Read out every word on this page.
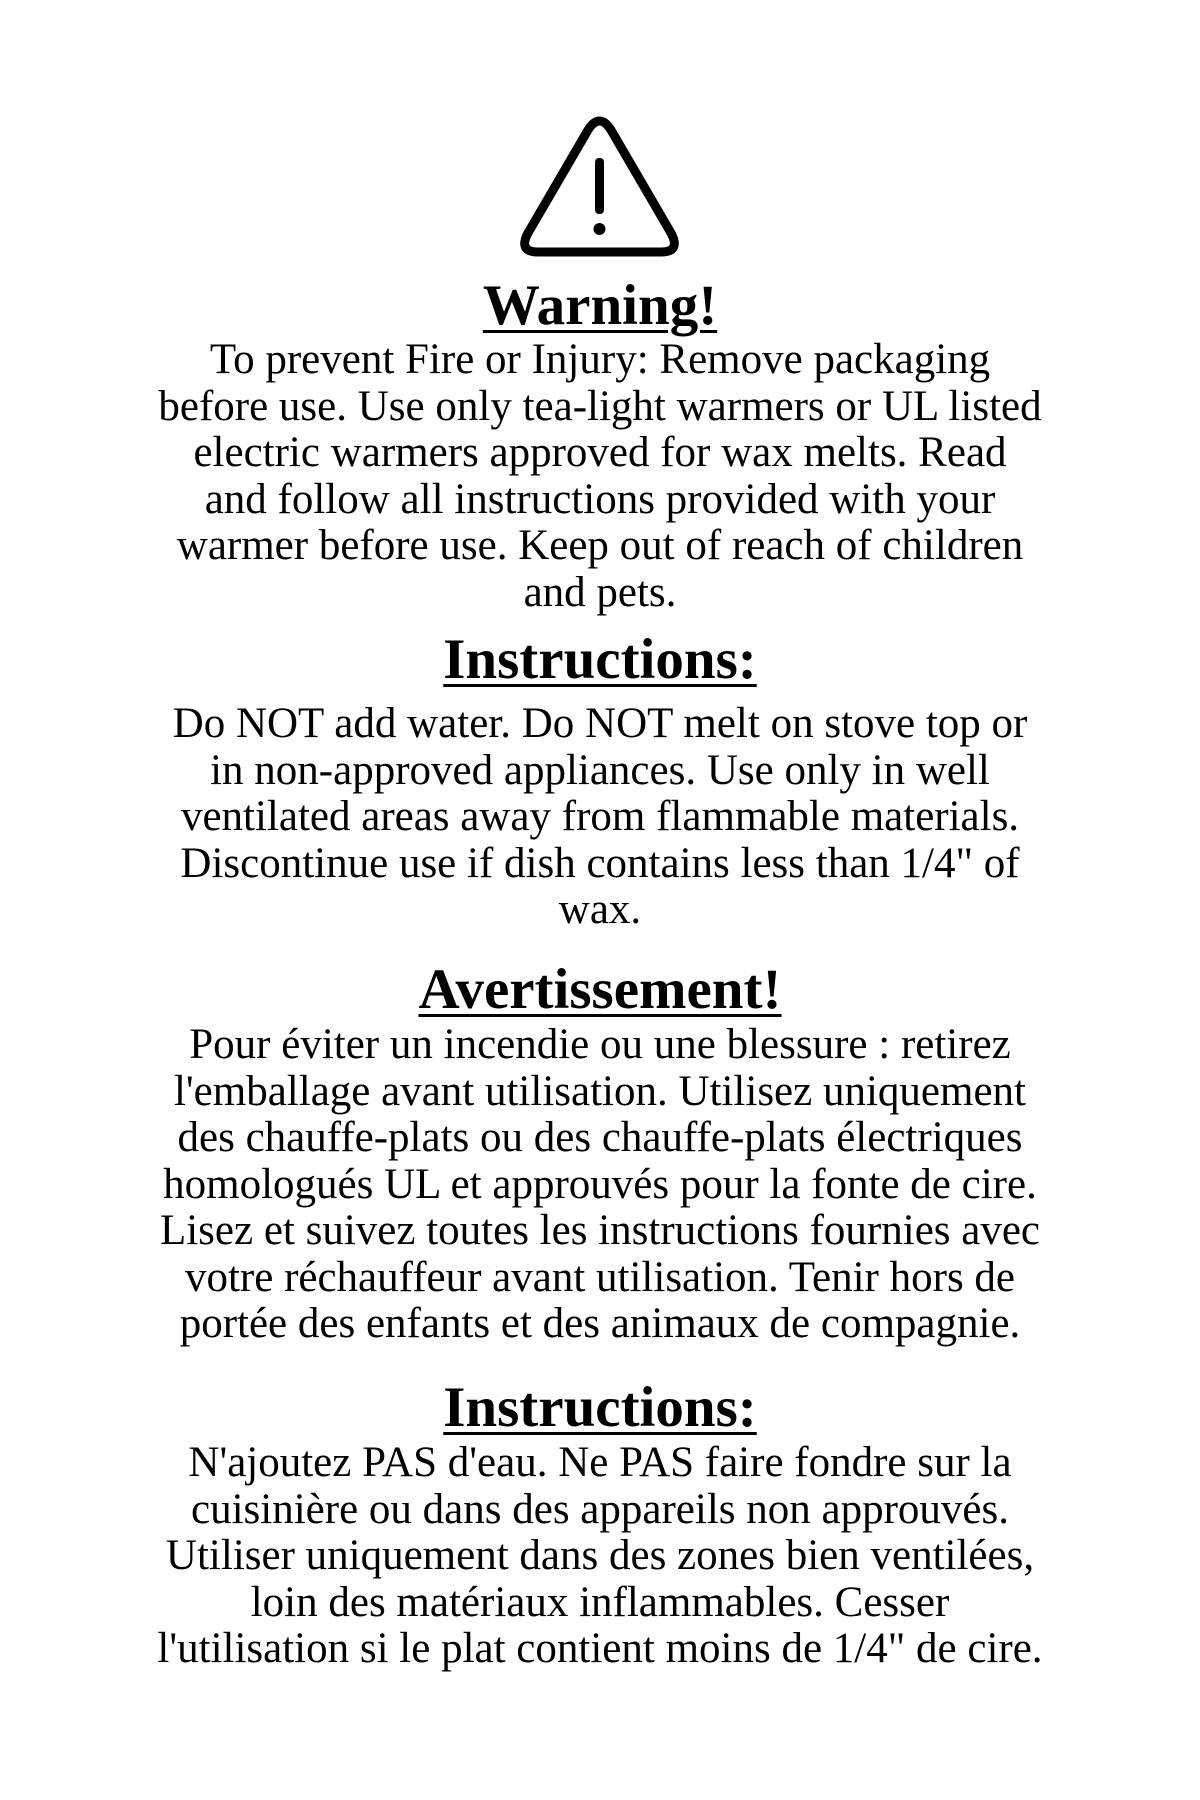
Warning!

To prevent Fire or Injury: Remove packaging
before use. Use only tea-light warmers or UL listed
electric warmers approved for wax melts. Read
and follow all instructions provided with your
warmer before use. Keep out of reach of children
and pets.

Instructions:

Do NOT add water. Do NOT melt on stove top or
in non-approved appliances. Use only in well
ventilated areas away from flammable materials.
Discontinue use if dish contains less than 1/4" of
wax.

Avertissement!

Pour éviter un incendie ou une blessure : retirez
l'emballage avant utilisation. Utilisez uniquement
des chauffe-plats ou des chauffe-plats électriques
homologués UL et approuvés pour la fonte de cire.
Lisez et suivez toutes les instructions fournies avec
votre réchauffeur avant utilisation. Tenir hors de
portée des enfants et des animaux de compagnie.

Instructions:

N'ajoutez PAS d'eau. Ne PAS faire fondre sur la
cuisinière ou dans des appareils non approuvés.
Utiliser uniquement dans des zones bien ventilées,
loin des matériaux inflammables. Cesser
l'utilisation si le plat contient moins de 1/4" de cire.
